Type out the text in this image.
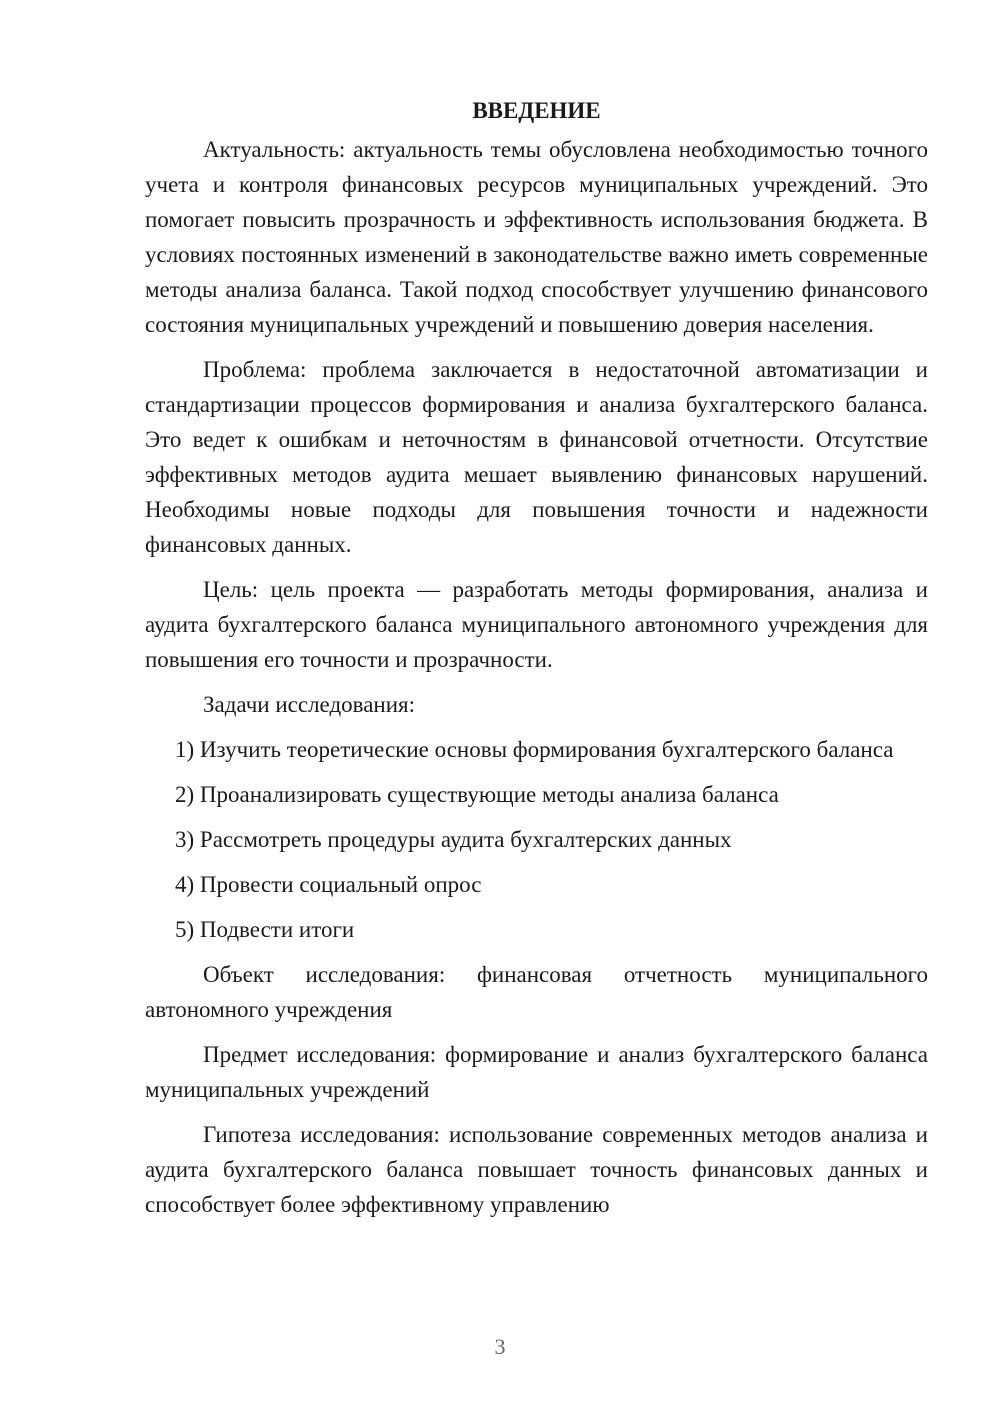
ВВЕДЕНИЕ

Актуальность: актуальность темы обусловлена необходимостью точного учета и контроля финансовых ресурсов муниципальных учреждений. Это помогает повысить прозрачность и эффективность использования бюджета. В условиях постоянных изменений в законодательстве важно иметь современные методы анализа баланса. Такой подход способствует улучшению финансового состояния муниципальных учреждений и повышению доверия населения.

Проблема: проблема заключается в недостаточной автоматизации и стандартизации процессов формирования и анализа бухгалтерского баланса. Это ведет к ошибкам и неточностям в финансовой отчетности. Отсутствие эффективных методов аудита мешает выявлению финансовых нарушений. Необходимы новые подходы для повышения точности и надежности финансовых данных.

Цель: цель проекта — разработать методы формирования, анализа и аудита бухгалтерского баланса муниципального автономного учреждения для повышения его точности и прозрачности.

Задачи исследования:

1) Изучить теоретические основы формирования бухгалтерского баланса

2) Проанализировать существующие методы анализа баланса

3) Рассмотреть процедуры аудита бухгалтерских данных

4) Провести социальный опрос

5) Подвести итоги

Объект исследования: финансовая отчетность муниципального автономного учреждения

Предмет исследования: формирование и анализ бухгалтерского баланса муниципальных учреждений

Гипотеза исследования: использование современных методов анализа и аудита бухгалтерского баланса повышает точность финансовых данных и способствует более эффективному управлению

3
